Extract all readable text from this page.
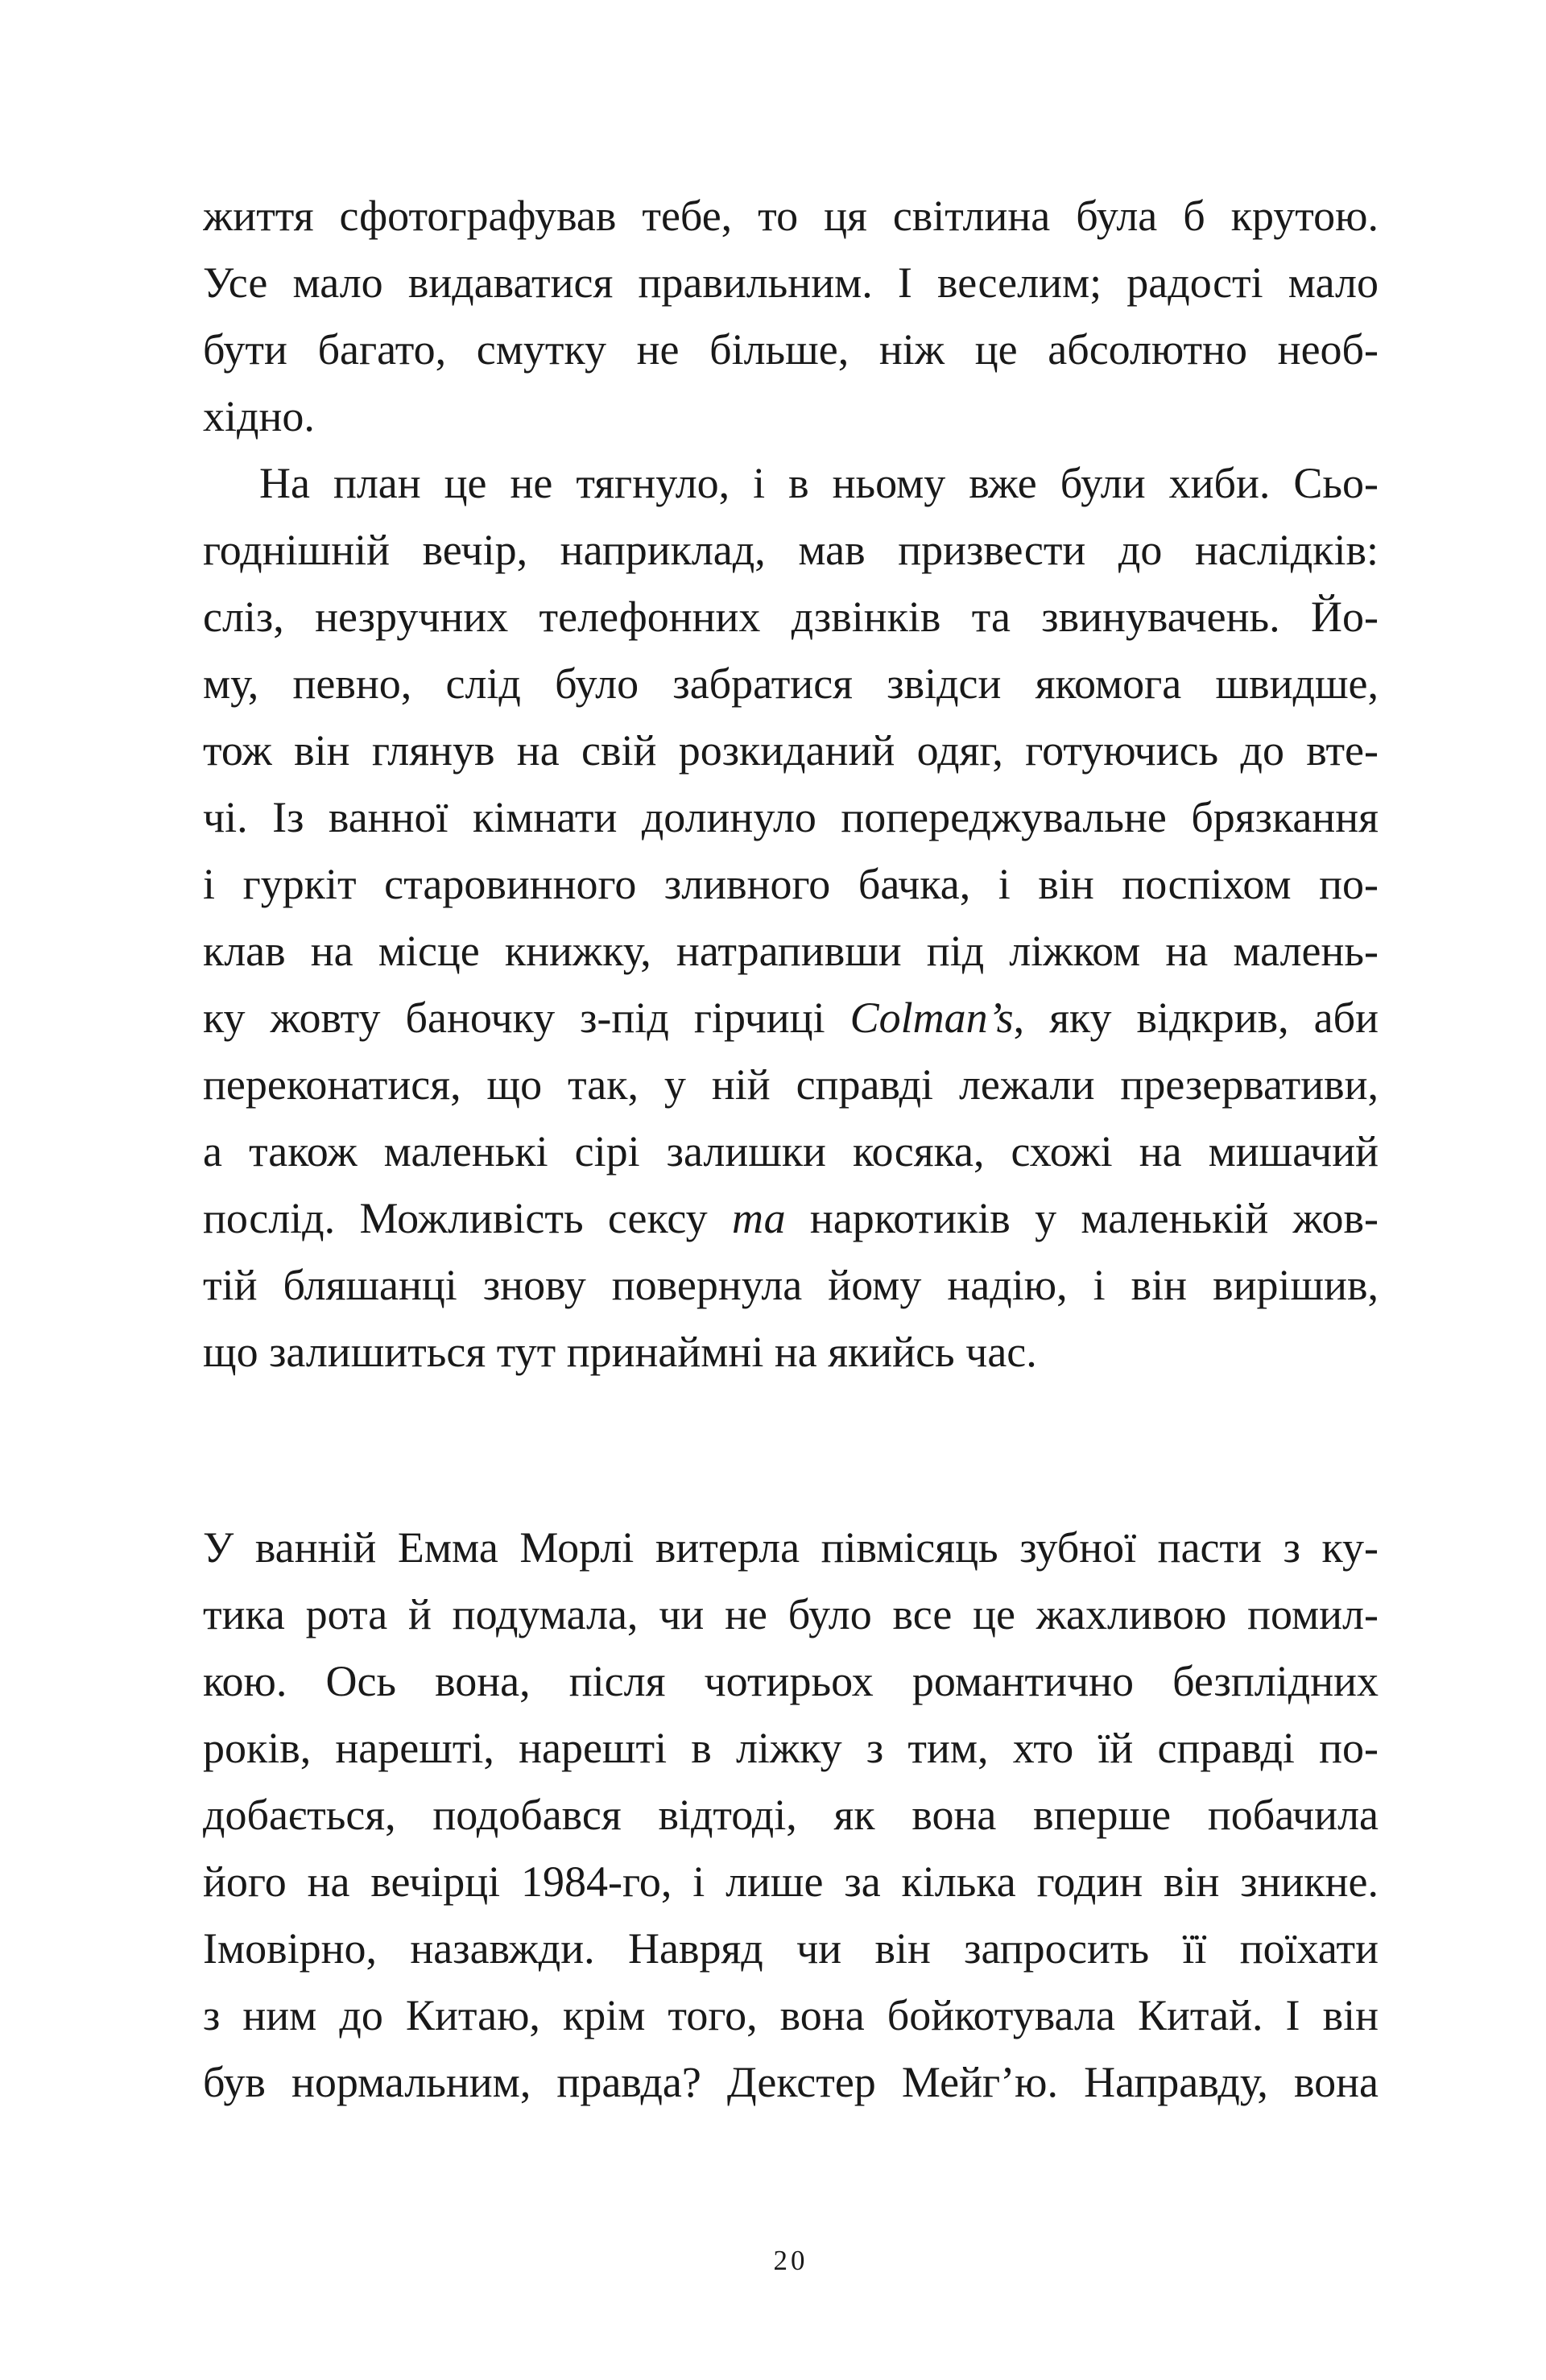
життя сфотографував тебе, то ця світлина була б крутою.
Усе мало видаватися правильним. І веселим; радості мало
бути багато, смутку не більше, ніж це абсолютно необ-
хідно.
На план це не тягнуло, і в ньому вже були хиби. Сьо-
годнішній вечір, наприклад, мав призвести до наслідків:
сліз, незручних телефонних дзвінків та звинувачень. Йо-
му, певно, слід було забратися звідси якомога швидше,
тож він глянув на свій розкиданий одяг, готуючись до вте-
чі. Із ванної кімнати долинуло попереджувальне брязкання
і гуркіт старовинного зливного бачка, і він поспіхом по-
клав на місце книжку, натрапивши під ліжком на малень-
ку жовту баночку з-під гірчиці Colman’s, яку відкрив, аби
переконатися, що так, у ній справді лежали презервативи,
а також маленькі сірі залишки косяка, схожі на мишачий
послід. Можливість сексу та наркотиків у маленькій жов-
тій бляшанці знову повернула йому надію, і він вирішив,
що залишиться тут принаймні на якийсь час.
У ванній Емма Морлі витерла півмісяць зубної пасти з ку-
тика рота й подумала, чи не було все це жахливою помил-
кою. Ось вона, після чотирьох романтично безплідних
років, нарешті, нарешті в ліжку з тим, хто їй справді по-
добається, подобався відтоді, як вона вперше побачила
його на вечірці 1984-го, і лише за кілька годин він зникне.
Імовірно, назавжди. Навряд чи він запросить її поїхати
з ним до Китаю, крім того, вона бойкотувала Китай. І він
був нормальним, правда? Декстер Мейг’ю. Направду, вона
20
